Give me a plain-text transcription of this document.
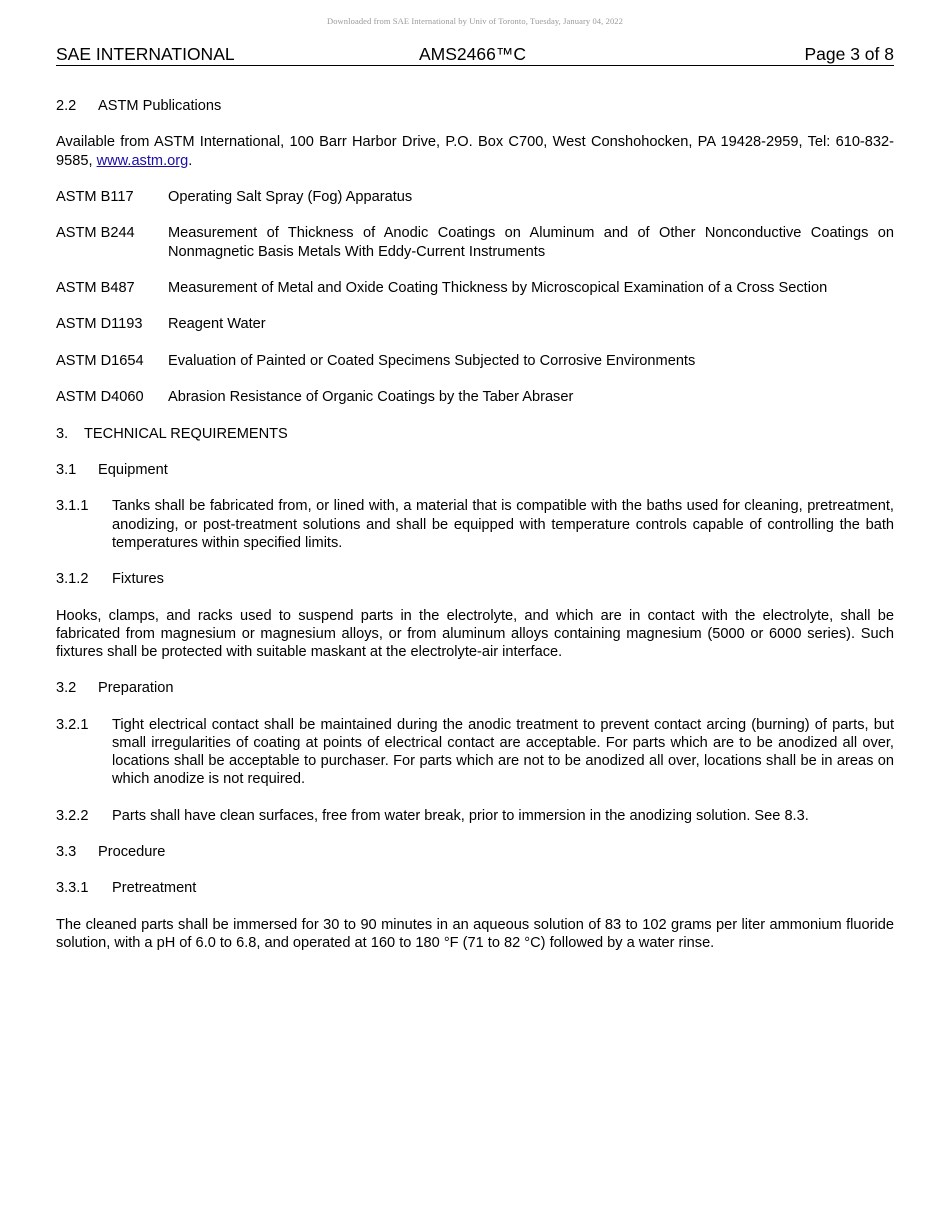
Downloaded from SAE International by Univ of Toronto, Tuesday, January 04, 2022
SAE INTERNATIONAL	AMS2466™C	Page 3 of 8

2.2 ASTM Publications

Available from ASTM International, 100 Barr Harbor Drive, P.O. Box C700, West Conshohocken, PA 19428-2959, Tel: 610-832-9585, www.astm.org.

ASTM B117	Operating Salt Spray (Fog) Apparatus
ASTM B244	Measurement of Thickness of Anodic Coatings on Aluminum and of Other Nonconductive Coatings on Nonmagnetic Basis Metals With Eddy-Current Instruments
ASTM B487	Measurement of Metal and Oxide Coating Thickness by Microscopical Examination of a Cross Section
ASTM D1193	Reagent Water
ASTM D1654	Evaluation of Painted or Coated Specimens Subjected to Corrosive Environments
ASTM D4060	Abrasion Resistance of Organic Coatings by the Taber Abraser

3. TECHNICAL REQUIREMENTS

3.1 Equipment

3.1.1	Tanks shall be fabricated from, or lined with, a material that is compatible with the baths used for cleaning, pretreatment, anodizing, or post-treatment solutions and shall be equipped with temperature controls capable of controlling the bath temperatures within specified limits.

3.1.2 Fixtures

Hooks, clamps, and racks used to suspend parts in the electrolyte, and which are in contact with the electrolyte, shall be fabricated from magnesium or magnesium alloys, or from aluminum alloys containing magnesium (5000 or 6000 series). Such fixtures shall be protected with suitable maskant at the electrolyte-air interface.

3.2 Preparation

3.2.1	Tight electrical contact shall be maintained during the anodic treatment to prevent contact arcing (burning) of parts, but small irregularities of coating at points of electrical contact are acceptable. For parts which are to be anodized all over, locations shall be acceptable to purchaser. For parts which are not to be anodized all over, locations shall be in areas on which anodize is not required.
3.2.2	Parts shall have clean surfaces, free from water break, prior to immersion in the anodizing solution. See 8.3.

3.3 Procedure

3.3.1 Pretreatment

The cleaned parts shall be immersed for 30 to 90 minutes in an aqueous solution of 83 to 102 grams per liter ammonium fluoride solution, with a pH of 6.0 to 6.8, and operated at 160 to 180 °F (71 to 82 °C) followed by a water rinse.
